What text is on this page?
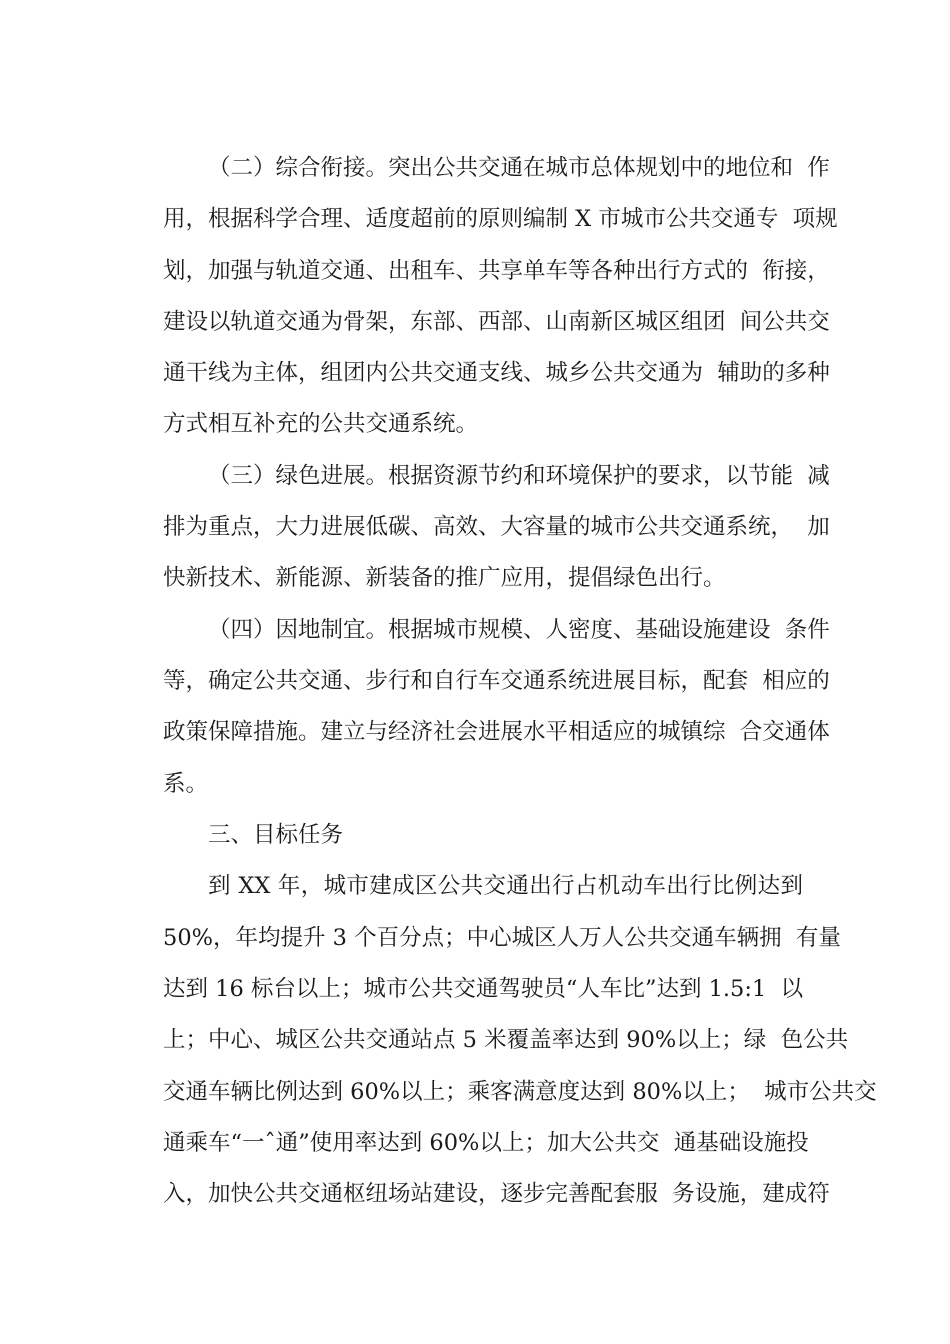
（二）综合衔接。突出公共交通在城市总体规划中的地位和  作
用，根据科学合理、适度超前的原则编制 X 市城市公共交通专  项规
划，加强与轨道交通、出租车、共享单车等各种出行方式的  衔接，
建设以轨道交通为骨架，东部、西部、山南新区城区组团  间公共交
通干线为主体，组团内公共交通支线、城乡公共交通为  辅助的多种
方式相互补充的公共交通系统。
（三）绿色进展。根据资源节约和环境保护的要求，以节能  减
排为重点，大力进展低碳、高效、大容量的城市公共交通系统，  加
快新技术、新能源、新装备的推广应用，提倡绿色出行。
（四）因地制宜。根据城市规模、人密度、基础设施建设  条件
等，确定公共交通、步行和自行车交通系统进展目标，配套  相应的
政策保障措施。建立与经济社会进展水平相适应的城镇综  合交通体
系。
三、目标任务
到 XX 年，城市建成区公共交通出行占机动车出行比例达到
50%，年均提升 3 个百分点；中心城区人万人公共交通车辆拥  有量
达到 16 标台以上；城市公共交通驾驶员“人车比”达到 1.5:1  以
上；中心、城区公共交通站点 5 米覆盖率达到 90%以上；绿  色公共
交通车辆比例达到 60%以上；乘客满意度达到 80%以上；  城市公共交
通乘车“一ˆ通”使用率达到 60%以上；加大公共交  通基础设施投
入，加快公共交通枢纽场站建设，逐步完善配套服  务设施，建成符
